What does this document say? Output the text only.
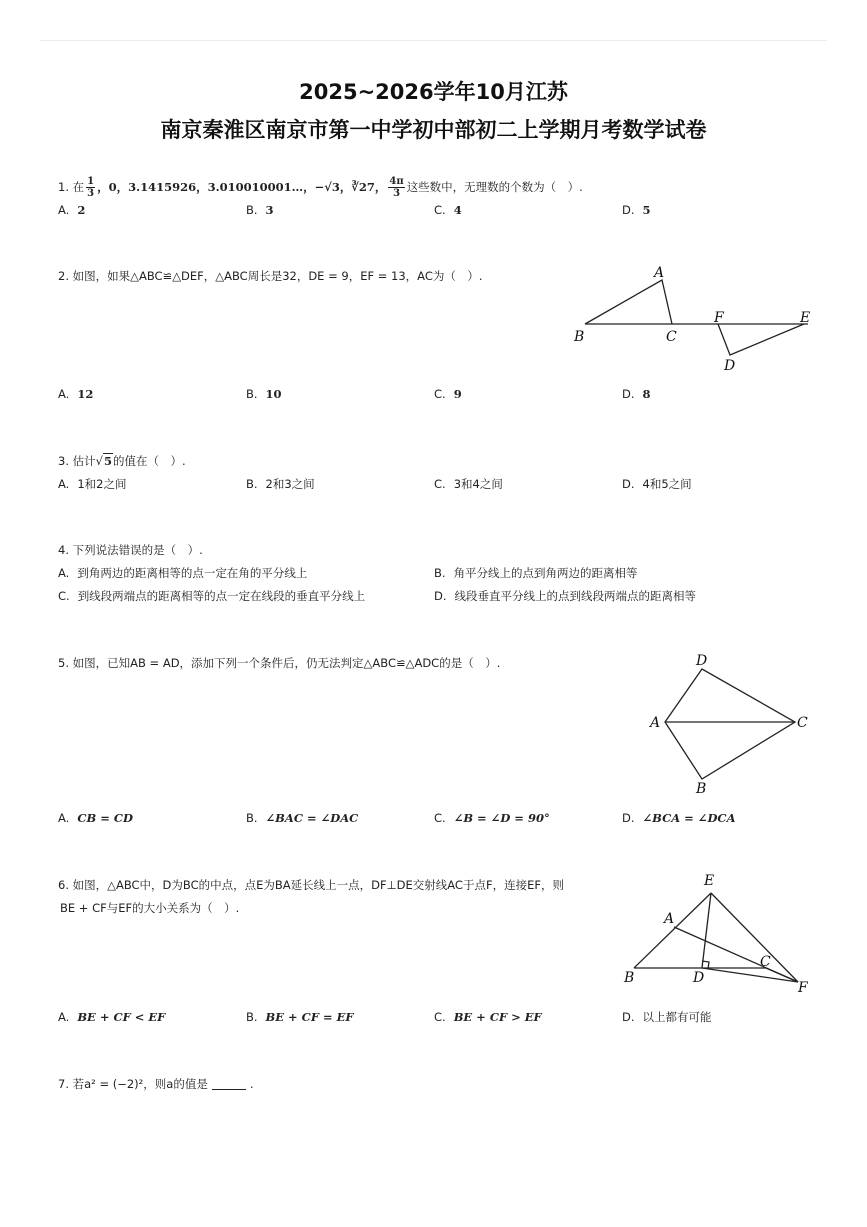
2025~2026学年10月江苏
南京秦淮区南京市第一中学初中部初二上学期月考数学试卷
1. 在 $\frac{1}{3}$ ，0，3.1415926，3.010010001…，−√3，∛27， $\frac{4\pi}{3}$ 这些数中，无理数的个数为（　）.
A. 2	B. 3	C. 4	D. 5
2. 如图，如果△ABC≌△DEF，△ABC周长是32，DE = 9，EF = 13，AC为（　）.	A
B	C
F	E
D
A. 12	B. 10	C. 9	D. 8
3. 估计√5的值在（　）.
A. 1和2之间	B. 2和3之间	C. 3和4之间	D. 4和5之间
4. 下列说法错误的是（　）.
A. 到角两边的距离相等的点一定在角的平分线上	B. 角平分线上的点到角两边的距离相等
C. 到线段两端点的距离相等的点一定在线段的垂直平分线上	D. 线段垂直平分线上的点到线段两端点的距离相等
5. 如图，已知AB = AD，添加下列一个条件后，仍无法判定△ABC≌△ADC的是（　）.	D
A	C
B
A. CB = CD	B. ∠BAC = ∠DAC	C. ∠B = ∠D = 90°	D. ∠BCA = ∠DCA
6. 如图，△ABC中，D为BC的中点，点E为BA延长线上一点，DF⊥DE交射线AC于点F，连接EF，则
BE + CF与EF的大小关系为（　）.
E
A
C
B	D
F
A. BE + CF < EF	B. BE + CF = EF	C. BE + CF > EF	D. 以上都有可能
7. 若a² = (−2)²，则a的值是	.
